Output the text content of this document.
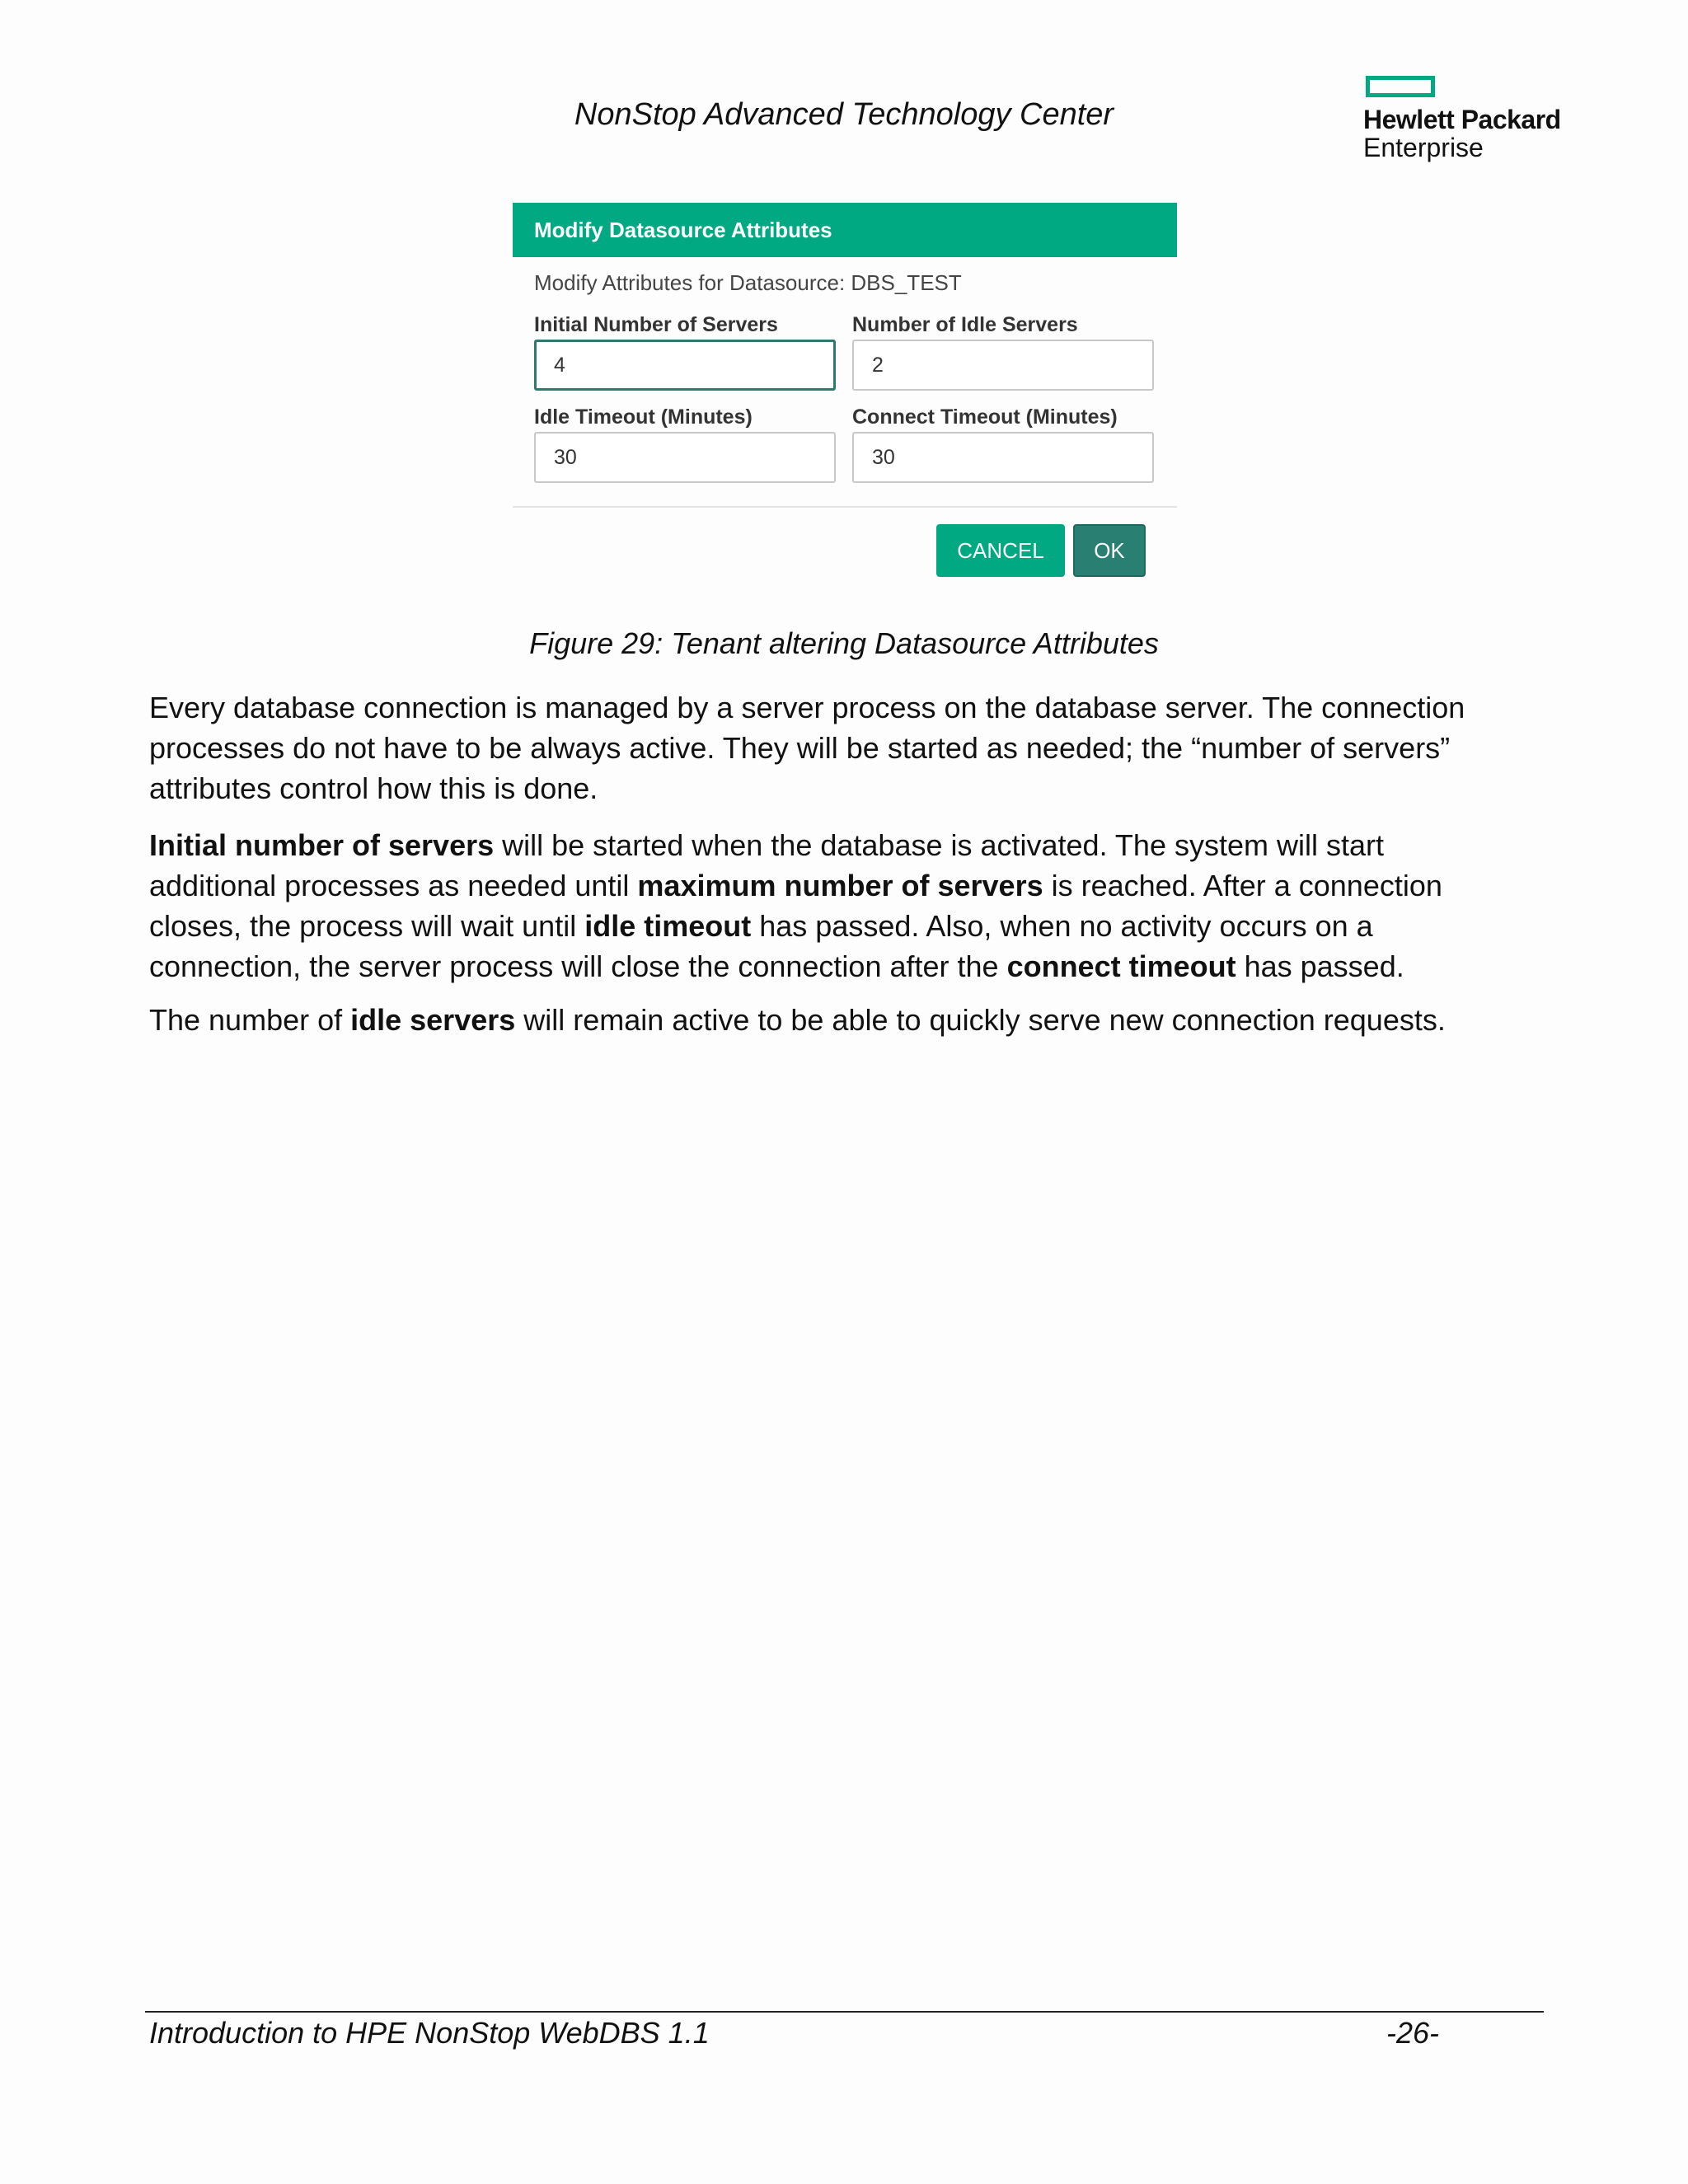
NonStop Advanced Technology Center	Hewlett Packard
Enterprise
Modify Datasource Attributes
Modify Attributes for Datasource: DBS_TEST
Initial Number of Servers
4
Number of Idle Servers
2
Idle Timeout (Minutes)
30
Connect Timeout (Minutes)
30
CANCEL	OK
Figure 29: Tenant altering Datasource Attributes

Every database connection is managed by a server process on the database server. The connection
processes do not have to be always active. They will be started as needed; the “number of servers”
attributes control how this is done.

Initial number of servers will be started when the database is activated. The system will start
additional processes as needed until maximum number of servers is reached. After a connection
closes, the process will wait until idle timeout has passed. Also, when no activity occurs on a
connection, the server process will close the connection after the connect timeout has passed.

The number of idle servers will remain active to be able to quickly serve new connection requests.

Introduction to HPE NonStop WebDBS 1.1	-26-
